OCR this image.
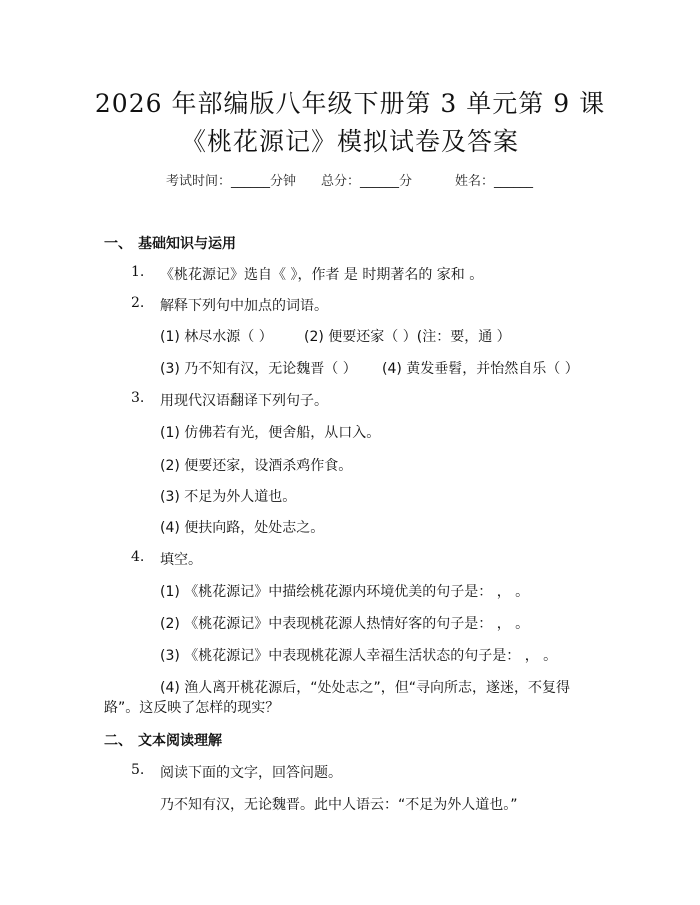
2026 年部编版八年级下册第 3 单元第 9 课
《桃花源记》模拟试卷及答案
考试时间：______分钟 总分：______分	姓名：______
一、 基础知识与运用
1. 《桃花源记》选自《 》，作者 是 时期著名的 家和 。
2. 解释下列句中加点的词语。
(1) 林尽水源（ ） (2) 便要还家（ ）(注：要，通 ）
(3) 乃不知有汉，无论魏晋（ ） (4) 黄发垂髫，并怡然自乐（ ）
3. 用现代汉语翻译下列句子。
(1) 仿佛若有光，便舍船，从口入。
(2) 便要还家，设酒杀鸡作食。
(3) 不足为外人道也。
(4) 便扶向路，处处志之。
4. 填空。
(1) 《桃花源记》中描绘桃花源内环境优美的句子是： ， 。
(2) 《桃花源记》中表现桃花源人热情好客的句子是： ， 。
(3) 《桃花源记》中表现桃花源人幸福生活状态的句子是： ， 。
(4) 渔人离开桃花源后，“处处志之”，但“寻向所志，遂迷，不复得
路”。这反映了怎样的现实？
二、 文本阅读理解
5. 阅读下面的文字，回答问题。
乃不知有汉，无论魏晋。此中人语云：“不足为外人道也。”
